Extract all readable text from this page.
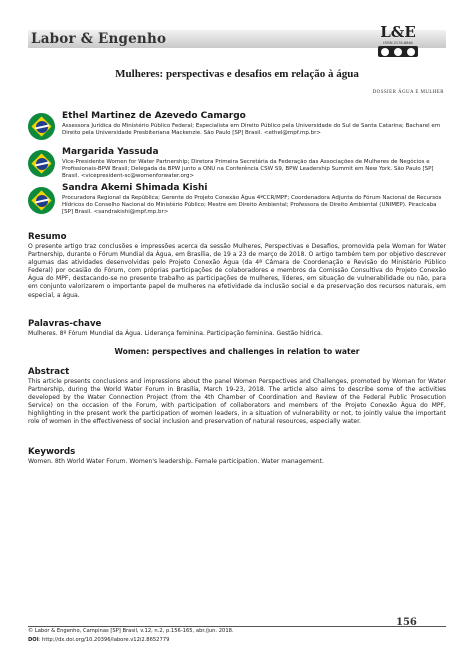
Labor & Engenho	L&E
ISSN 2176-8846
Mulheres: perspectivas e desafios em relação à água
DOSSIER ÁGUA E MULHER
Ethel Martinez de Azevedo Camargo
Assessora Jurídica do Ministério Público Federal; Especialista em Direito Público pela Universidade do Sul de Santa Catarina; Bacharel em Direito pela Universidade Presbiteriana Mackenzie. São Paulo [SP] Brasil. <ethel@mpf.mp.br>
Margarida Yassuda
Vice-Presidente Women for Water Partnership; Diretora Primeira Secretária da Federação das Associações de Mulheres de Negócios e Profissionais-BPW Brasil; Delegada da BPW junto a ONU na Conferência CSW S9, BPW Leadership Summit em New York. São Paulo [SP] Brasil. <vicepresident-sc@womenforwater.org>
Sandra Akemi Shimada Kishi
Procuradora Regional da República; Gerente do Projeto Conexão Água 4ªCCR/MPF; Coordenadora Adjunta do Fórum Nacional de Recursos Hídricos do Conselho Nacional do Ministério Público; Mestre em Direito Ambiental; Professora de Direito Ambiental (UNIMEP). Piracicaba [SP] Brasil. <sandrakishi@mpf.mp.br>
Resumo
O presente artigo traz conclusões e impressões acerca da sessão Mulheres, Perspectivas e Desafios, promovida pela Woman for Water Partnership, durante o Fórum Mundial da Água, em Brasília, de 19 a 23 de março de 2018. O artigo também tem por objetivo descrever algumas das atividades desenvolvidas pelo Projeto Conexão Água (da 4ª Câmara de Coordenação e Revisão do Ministério Público Federal) por ocasião do Fórum, com próprias participações de colaboradores e membros da Comissão Consultiva do Projeto Conexão Água do MPF, destacando-se no presente trabalho as participações de mulheres, líderes, em situação de vulnerabilidade ou não, para em conjunto valorizarem o importante papel de mulheres na efetividade da inclusão social e da preservação dos recursos naturais, em especial, a água.
Palavras-chave
Mulheres. 8º Fórum Mundial da Água. Liderança feminina. Participação feminina. Gestão hídrica.
Women: perspectives and challenges in relation to water
Abstract
This article presents conclusions and impressions about the panel Women Perspectives and Challenges, promoted by Woman for Water Partnership, during the World Water Forum in Brasília, March 19-23, 2018. The article also aims to describe some of the activities developed by the Water Connection Project (from the 4th Chamber of Coordination and Review of the Federal Public Prosecution Service) on the occasion of the Forum, with participation of collaborators and members of the Projeto Conexão Água do MPF, highlighting in the present work the participation of women leaders, in a situation of vulnerability or not, to jointly value the important role of women in the effectiveness of social inclusion and preservation of natural resources, especially water.
Keywords
Women. 8th World Water Forum. Women's leadership. Female participation. Water management.
156
© Labor & Engenho, Campinas [SP] Brasil, v.12, n.2, p.156-165, abr./jun. 2018.
DOI: http://dx.doi.org/10.20396/labore.v12i2.8652779
